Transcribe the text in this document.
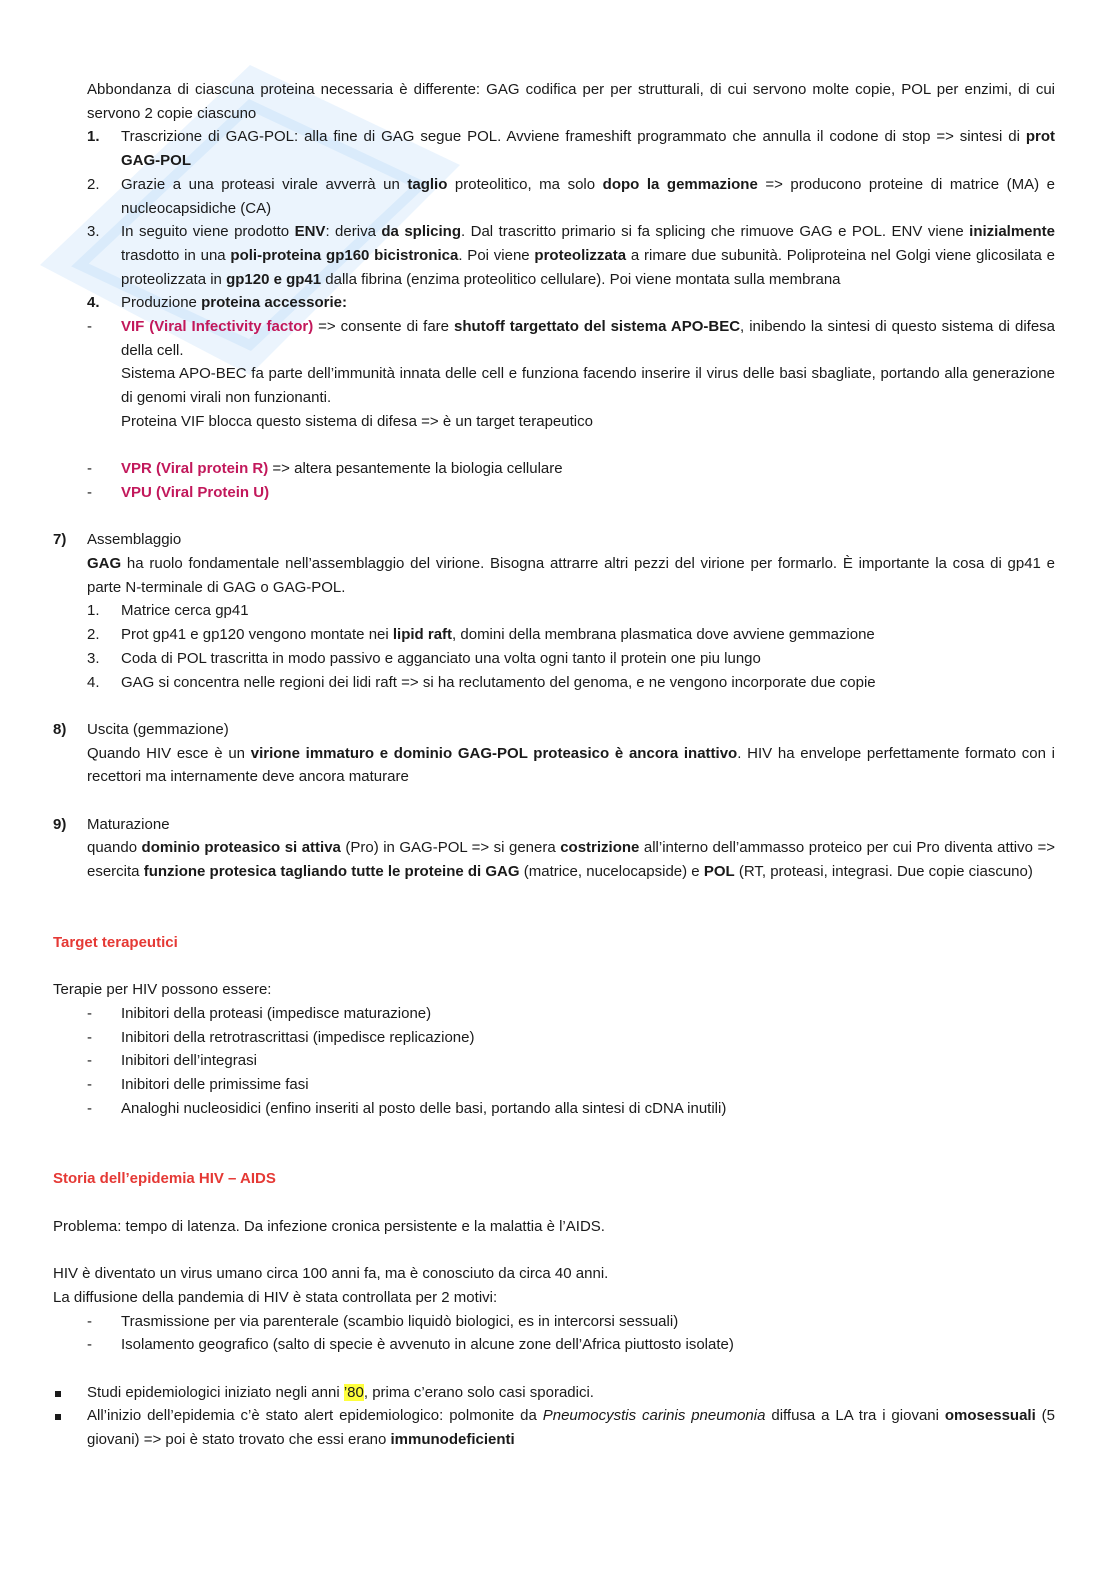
Abbondanza di ciascuna proteina necessaria è differente: GAG codifica per per strutturali, di cui servono molte copie, POL per enzimi, di cui servono 2 copie ciascuno

1.	Trascrizione di GAG-POL: alla fine di GAG segue POL. Avviene frameshift programmato che annulla il codone di stop => sintesi di prot GAG-POL
2.	Grazie a una proteasi virale avverrà un taglio proteolitico, ma solo dopo la gemmazione => producono proteine di matrice (MA) e nucleocapsidiche (CA)
3.	In seguito viene prodotto ENV: deriva da splicing. Dal trascritto primario si fa splicing che rimuove GAG e POL. ENV viene inizialmente trasdotto in una poli-proteina gp160 bicistronica. Poi viene proteolizzata a rimare due subunità. Poliproteina nel Golgi viene glicosilata e proteolizzata in gp120 e gp41 dalla fibrina (enzima proteolitico cellulare). Poi viene montata sulla membrana
4.	Produzione proteina accessorie:
-	VIF (Viral Infectivity factor) => consente di fare shutoff targettato del sistema APO-BEC, inibendo la sintesi di questo sistema di difesa della cell.

Sistema APO-BEC fa parte dell’immunità innata delle cell e funziona facendo inserire il virus delle basi sbagliate, portando alla generazione di genomi virali non funzionanti.

Proteina VIF blocca questo sistema di difesa => è un target terapeutico

-	VPR (Viral protein R) => altera pesantemente la biologia cellulare
-	VPU (Viral Protein U)
7)	Assemblaggio

GAG ha ruolo fondamentale nell’assemblaggio del virione. Bisogna attrarre altri pezzi del virione per formarlo. È importante la cosa di gp41 e parte N-terminale di GAG o GAG-POL.

1.	Matrice cerca gp41
2.	Prot gp41 e gp120 vengono montate nei lipid raft, domini della membrana plasmatica dove avviene gemmazione
3.	Coda di POL trascritta in modo passivo e agganciato una volta ogni tanto il protein one piu lungo
4.	GAG si concentra nelle regioni dei lidi raft => si ha reclutamento del genoma, e ne vengono incorporate due copie
8)	Uscita (gemmazione)

Quando HIV esce è un virione immaturo e dominio GAG-POL proteasico è ancora inattivo. HIV ha envelope perfettamente formato con i recettori ma internamente deve ancora maturare

9)	Maturazione

quando dominio proteasico si attiva (Pro) in GAG-POL => si genera costrizione all’interno dell’ammasso proteico per cui Pro diventa attivo => esercita funzione protesica tagliando tutte le proteine di GAG (matrice, nucelocapside) e POL (RT, proteasi, integrasi. Due copie ciascuno)

Target terapeutici

Terapie per HIV possono essere:

-	Inibitori della proteasi (impedisce maturazione)
-	Inibitori della retrotrascrittasi (impedisce replicazione)
-	Inibitori dell’integrasi
-	Inibitori delle primissime fasi
-	Analoghi nucleosidici (enfino inseriti al posto delle basi, portando alla sintesi di cDNA inutili)

Storia dell’epidemia HIV – AIDS

Problema: tempo di latenza. Da infezione cronica persistente e la malattia è l’AIDS.

HIV è diventato un virus umano circa 100 anni fa, ma è conosciuto da circa 40 anni.

La diffusione della pandemia di HIV è stata controllata per 2 motivi:

-	Trasmissione per via parenterale (scambio liquidò biologici, es in intercorsi sessuali)
-	Isolamento geografico (salto di specie è avvenuto in alcune zone dell’Africa piuttosto isolate)
Studi epidemiologici iniziato negli anni ’80, prima c’erano solo casi sporadici.
All’inizio dell’epidemia c’è stato alert epidemiologico: polmonite da Pneumocystis carinis pneumonia diffusa a LA tra i giovani omosessuali (5 giovani) => poi è stato trovato che essi erano immunodeficienti
